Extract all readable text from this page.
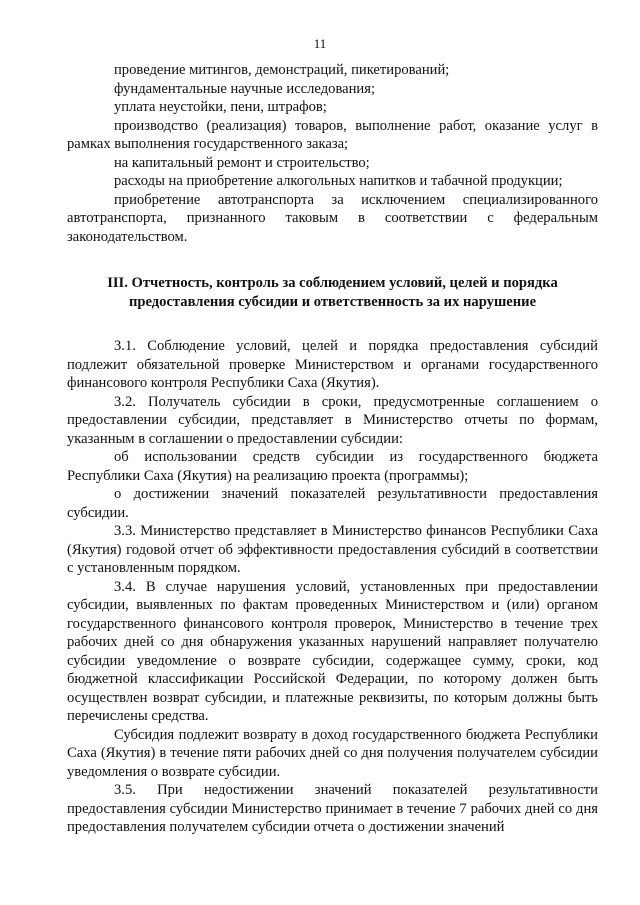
11

проведение митингов, демонстраций, пикетирований;

фундаментальные научные исследования;

уплата неустойки, пени, штрафов;

производство (реализация) товаров, выполнение работ, оказание услуг в рамках выполнения государственного заказа;

на капитальный ремонт и строительство;

расходы на приобретение алкогольных напитков и табачной продукции;

приобретение автотранспорта за исключением специализированного автотранспорта, признанного таковым в соответствии с федеральным законодательством.

III. Отчетность, контроль за соблюдением условий, целей и порядка
предоставления субсидии и ответственность за их нарушение

3.1. Соблюдение условий, целей и порядка предоставления субсидий подлежит обязательной проверке Министерством и органами государственного финансового контроля Республики Саха (Якутия).

3.2. Получатель субсидии в сроки, предусмотренные соглашением о предоставлении субсидии, представляет в Министерство отчеты по формам, указанным в соглашении о предоставлении субсидии:

об использовании средств субсидии из государственного бюджета Республики Саха (Якутия) на реализацию проекта (программы);

о достижении значений показателей результативности предоставления субсидии.

3.3. Министерство представляет в Министерство финансов Республики Саха (Якутия) годовой отчет об эффективности предоставления субсидий в соответствии с установленным порядком.

3.4. В случае нарушения условий, установленных при предоставлении субсидии, выявленных по фактам проведенных Министерством и (или) органом государственного финансового контроля проверок, Министерство в течение трех рабочих дней со дня обнаружения указанных нарушений направляет получателю субсидии уведомление о возврате субсидии, содержащее сумму, сроки, код бюджетной классификации Российской Федерации, по которому должен быть осуществлен возврат субсидии, и платежные реквизиты, по которым должны быть перечислены средства.

Субсидия подлежит возврату в доход государственного бюджета Республики Саха (Якутия) в течение пяти рабочих дней со дня получения получателем субсидии уведомления о возврате субсидии.

3.5. При недостижении значений показателей результативности предоставления субсидии Министерство принимает в течение 7 рабочих дней со дня предоставления получателем субсидии отчета о достижении значений
